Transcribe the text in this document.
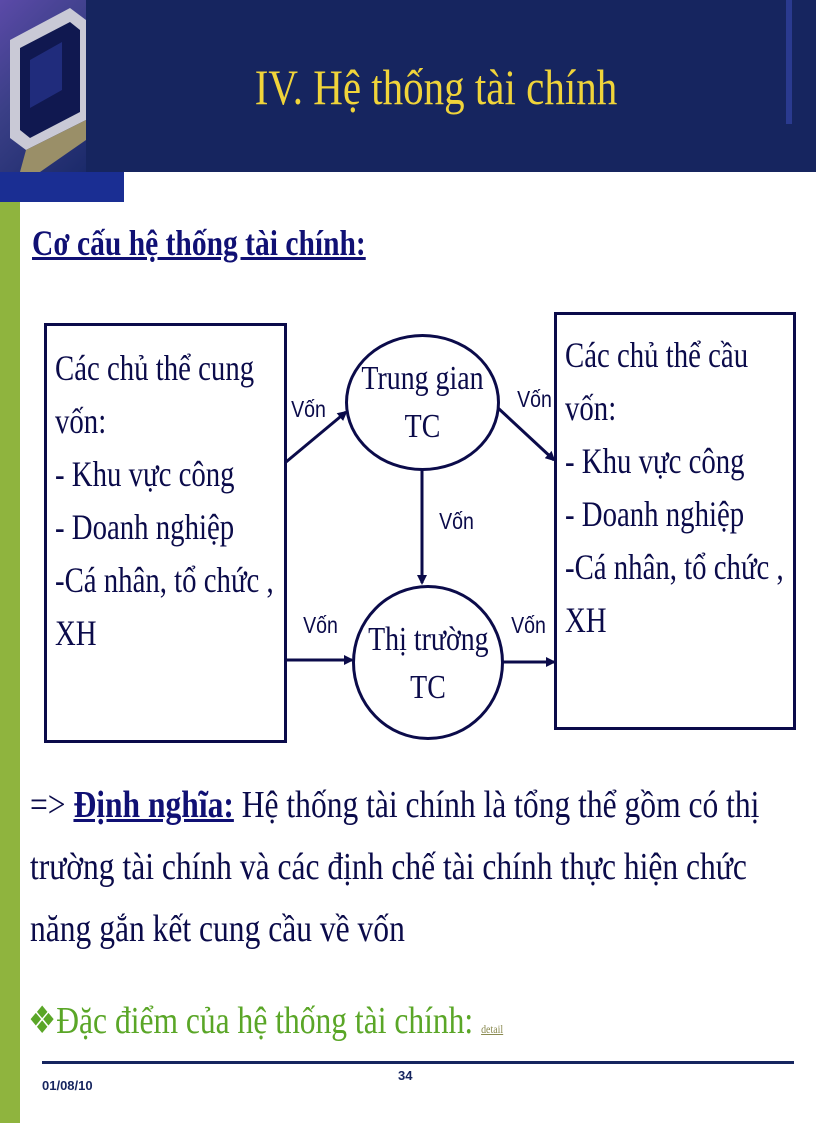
IV. Hệ thống tài chính
Cơ cấu hệ thống tài chính:
Các chủ thể cung
vốn:
- Khu vực công
- Doanh nghiệp
-Cá nhân, tổ chức ,
XH
Các chủ thể cầu
vốn:
- Khu vực công
- Doanh nghiệp
-Cá nhân, tổ chức ,
XH
Trung gian
TC
Thị trường
TC
Vốn	Vốn
Vốn
Vốn	Vốn
=> Định nghĩa: Hệ thống tài chính là tổng thể gồm có thị
trường tài chính và các định chế tài chính thực hiện chức
năng gắn kết cung cầu về vốn
❖Đặc điểm của hệ thống tài chính: detail
01/08/10
34
